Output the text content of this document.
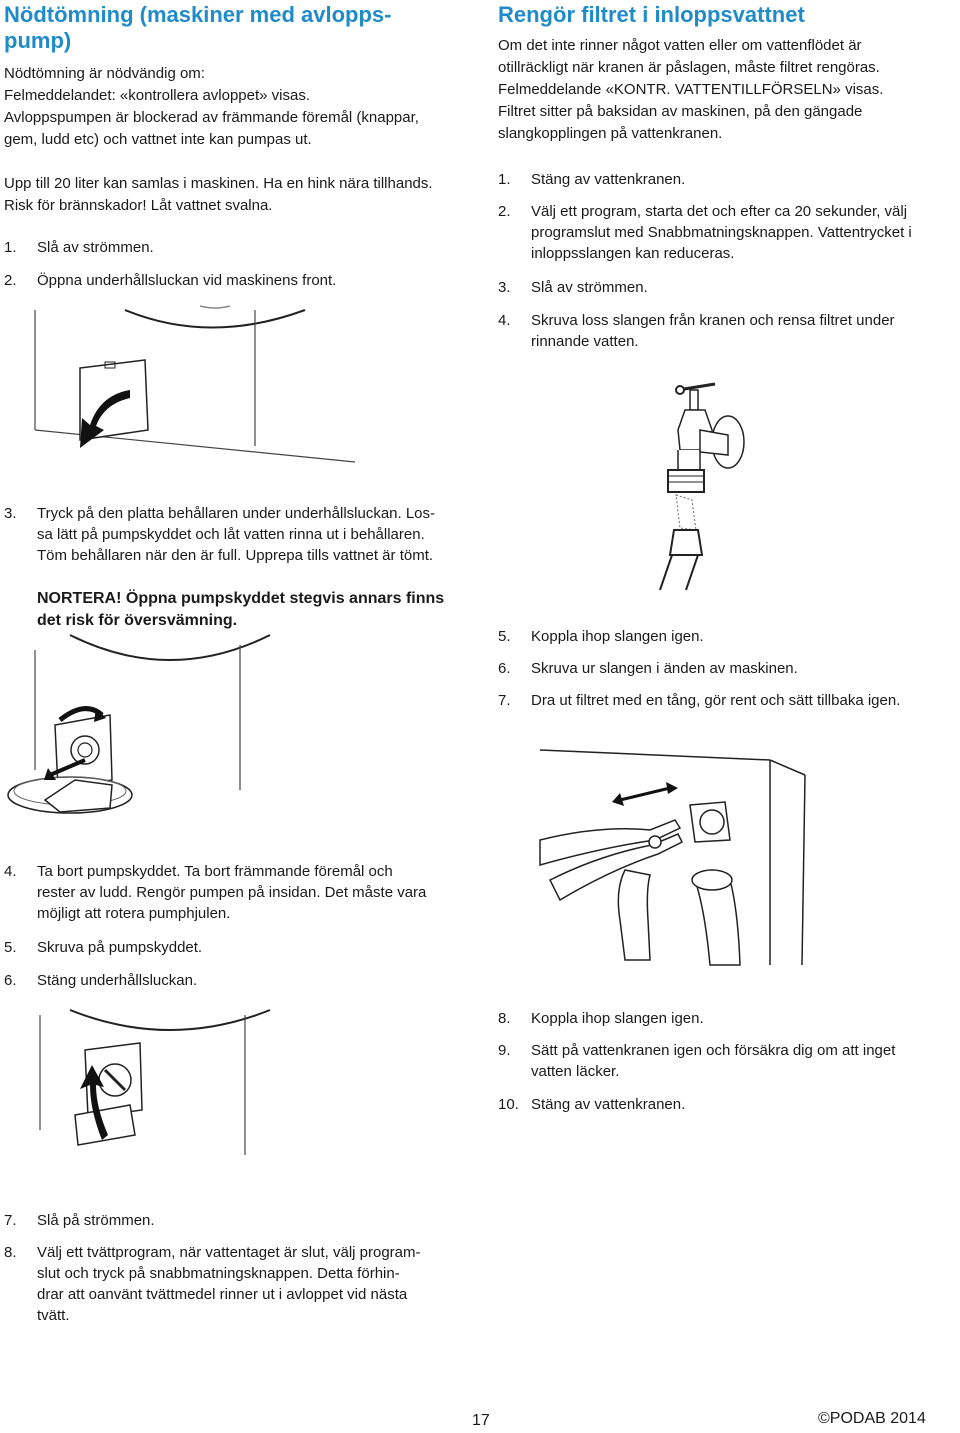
Nödtömning (maskiner med avlopps-
pump)

Nödtömning är nödvändig om:

Felmeddelandet: «kontrollera avloppet» visas.

Avloppspumpen är blockerad av främmande föremål (knappar,

gem, ludd etc) och vattnet inte kan pumpas ut.

Upp till 20 liter kan samlas i maskinen. Ha en hink nära tillhands.

Risk för brännskador! Låt vattnet svalna.

1. Slå av strömmen.
2. Öppna underhållsluckan vid maskinens front.
3. Tryck på den platta behållaren under underhållsluckan. Los-
sa lätt på pumpskyddet och låt vatten rinna ut i behållaren.
Töm behållaren när den är full. Upprepa tills vattnet är tömt.
NORTERA! Öppna pumpskyddet stegvis annars finns
det risk för översvämning.
4. Ta bort pumpskyddet. Ta bort främmande föremål och
rester av ludd. Rengör pumpen på insidan. Det måste vara
möjligt att rotera pumphjulen.
5. Skruva på pumpskyddet.
6. Stäng underhållsluckan.
7. Slå på strömmen.
8. Välj ett tvättprogram, när vattentaget är slut, välj program-
slut och tryck på snabbmatningsknappen. Detta förhin-
drar att oanvänt tvättmedel rinner ut i avloppet vid nästa
tvätt.
Rengör filtret i inloppsvattnet

Om det inte rinner något vatten eller om vattenflödet är

otillräckligt när kranen är påslagen, måste filtret rengöras.

Felmeddelande «KONTR. VATTENTILLFÖRSELN» visas.

Filtret sitter på baksidan av maskinen, på den gängade

slangkopplingen på vattenkranen.

1. Stäng av vattenkranen.
2. Välj ett program, starta det och efter ca 20 sekunder, välj
programslut med Snabbmatningsknappen. Vattentrycket i
inloppsslangen kan reduceras.
3. Slå av strömmen.
4. Skruva loss slangen från kranen och rensa filtret under
rinnande vatten.
5. Koppla ihop slangen igen.
6. Skruva ur slangen i änden av maskinen.
7. Dra ut filtret med en tång, gör rent och sätt tillbaka igen.
8. Koppla ihop slangen igen.
9. Sätt på vattenkranen igen och försäkra dig om att inget
vatten läcker.
10. Stäng av vattenkranen.
17	©PODAB 2014
